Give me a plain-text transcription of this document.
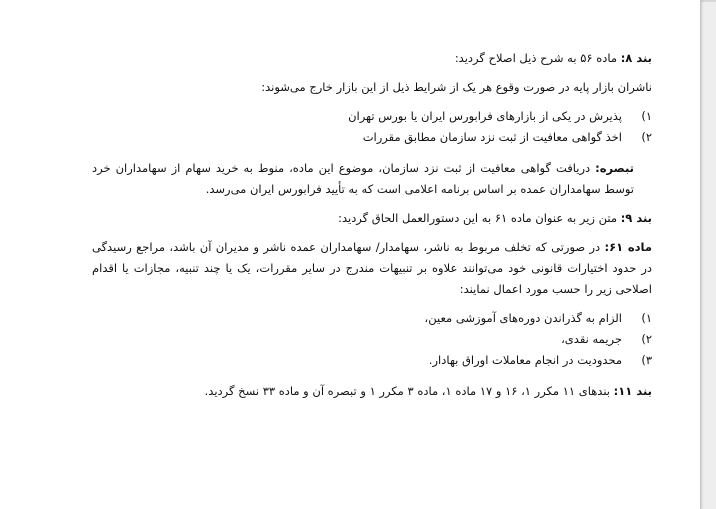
بند ۸: ماده ۵۶ به شرح ذیل اصلاح گردید:

ناشران بازار پایه در صورت وقوع هر یک از شرایط ذیل از این بازار خارج می‌شوند:

۱)
پذیرش در یکی از بازارهای فرابورس ایران یا بورس تهران
۲)
اخذ گواهی معافیت از ثبت نزد سازمان مطابق مقررات

تبصره: دریافت گواهی معافیت از ثبت نزد سازمان، موضوع این ماده، منوط به خرید سهام از سهامداران خرد توسط سهامداران عمده بر اساس برنامه اعلامی است که به تأیید فرابورس ایران می‌رسد.

بند ۹: متن زیر به عنوان ماده ۶۱ به این دستورالعمل الحاق گردید:

ماده ۶۱: در صورتی که تخلف مربوط به ناشر، سهامدار/ سهامداران عمده ناشر و مدیران آن باشد، مراجع رسیدگی در حدود اختیارات قانونی خود می‌توانند علاوه بر تنبیهات مندرج در سایر مقررات، یک یا چند تنبیه، مجازات یا اقدام اصلاحی زیر را حسب مورد اعمال نمایند:

۱)
الزام به گذراندن دوره‌های آموزشی معین،
۲)
جریمه نقدی،
۳)
محدودیت در انجام معاملات اوراق بهادار.

بند ۱۱: بندهای ۱۱ مکرر ۱، ۱۶ و ۱۷ ماده ۱، ماده ۳ مکرر ۱ و تبصره آن و ماده ۳۳ نسخ گردید.
